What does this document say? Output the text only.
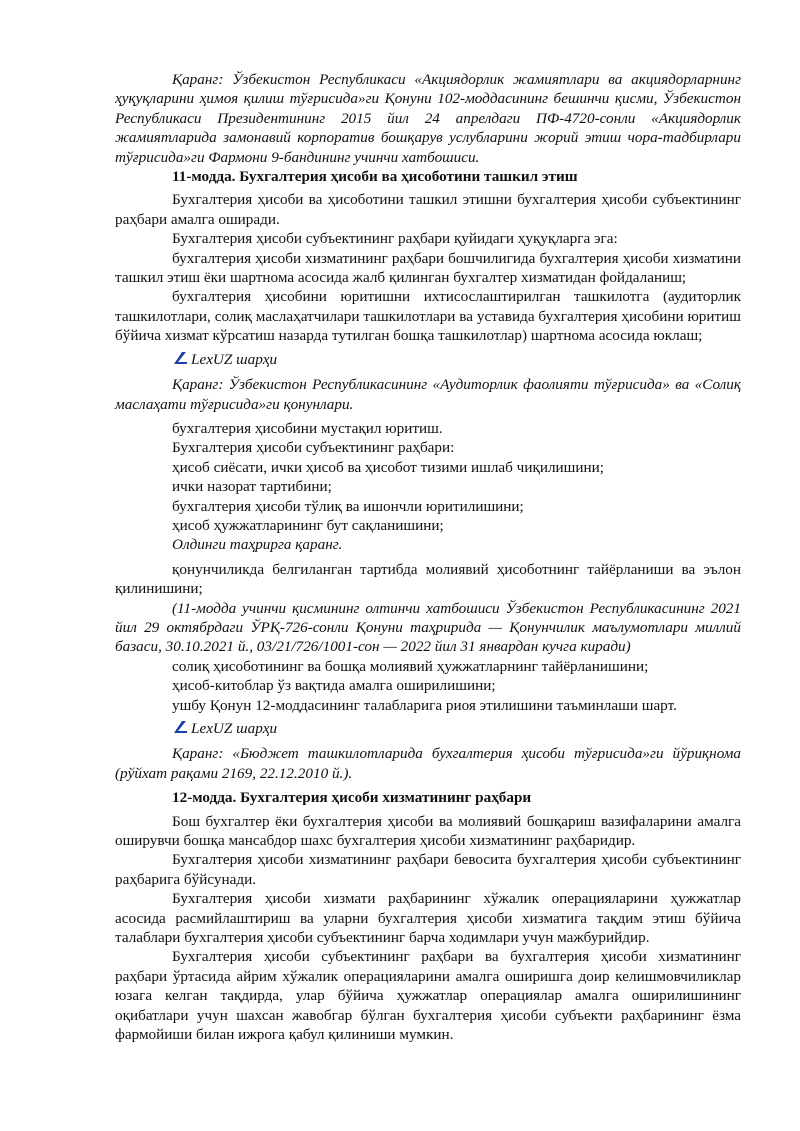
Қаранг: Ўзбекистон Республикаси «Акциядорлик жамиятлари ва акциядорларнинг ҳуқуқларини ҳимоя қилиш тўғрисида»ги Қонуни 102-моддасининг бешинчи қисми, Ўзбекистон Республикаси Президентининг 2015 йил 24 апрелдаги ПФ-4720-сонли «Акциядорлик жамиятларида замонавий корпоратив бошқарув услубларини жорий этиш чора-тадбирлари тўғрисида»ги Фармони 9-бандининг учинчи хатбошиси.

11-модда. Бухгалтерия ҳисоби ва ҳисоботини ташкил этиш

Бухгалтерия ҳисоби ва ҳисоботини ташкил этишни бухгалтерия ҳисоби субъектининг раҳбари амалга оширади.

Бухгалтерия ҳисоби субъектининг раҳбари қуйидаги ҳуқуқларга эга:

бухгалтерия ҳисоби хизматининг раҳбари бошчилигида бухгалтерия ҳисоби хизматини ташкил этиш ёки шартнома асосида жалб қилинган бухгалтер хизматидан фойдаланиш;

бухгалтерия ҳисобини юритишни ихтисослаштирилган ташкилотга (аудиторлик ташкилотлари, солиқ маслаҳатчилари ташкилотлари ва уставида бухгалтерия ҳисобини юритиш бўйича хизмат кўрсатиш назарда тутилган бошқа ташкилотлар) шартнома асосида юклаш;

LexUZ шарҳи

Қаранг: Ўзбекистон Республикасининг «Аудиторлик фаолияти тўғрисида» ва «Солиқ маслаҳати тўғрисида»ги қонунлари.

бухгалтерия ҳисобини мустақил юритиш.

Бухгалтерия ҳисоби субъектининг раҳбари:

ҳисоб сиёсати, ички ҳисоб ва ҳисобот тизими ишлаб чиқилишини;

ички назорат тартибини;

бухгалтерия ҳисоби тўлиқ ва ишончли юритилишини;

ҳисоб ҳужжатларининг бут сақланишини;

Олдинги таҳрирга қаранг.

қонунчиликда белгиланган тартибда молиявий ҳисоботнинг тайёрланиши ва эълон қилинишини;

(11-модда учинчи қисмининг олтинчи хатбошиси Ўзбекистон Республикасининг 2021 йил 29 октябрдаги ЎРҚ-726-сонли Қонуни таҳририда — Қонунчилик маълумотлари миллий базаси, 30.10.2021 й., 03/21/726/1001-сон — 2022 йил 31 январдан кучга киради)

солиқ ҳисоботининг ва бошқа молиявий ҳужжатларнинг тайёрланишини;

ҳисоб-китоблар ўз вақтида амалга оширилишини;

ушбу Қонун 12-моддасининг талабларига риоя этилишини таъминлаши шарт.

LexUZ шарҳи

Қаранг: «Бюджет ташкилотларида бухгалтерия ҳисоби тўғрисида»ги йўриқнома (рўйхат рақами 2169, 22.12.2010 й.).

12-модда. Бухгалтерия ҳисоби хизматининг раҳбари

Бош бухгалтер ёки бухгалтерия ҳисоби ва молиявий бошқариш вазифаларини амалга оширувчи бошқа мансабдор шахс бухгалтерия ҳисоби хизматининг раҳбаридир.

Бухгалтерия ҳисоби хизматининг раҳбари бевосита бухгалтерия ҳисоби субъектининг раҳбарига бўйсунади.

Бухгалтерия ҳисоби хизмати раҳбарининг хўжалик операцияларини ҳужжатлар асосида расмийлаштириш ва уларни бухгалтерия ҳисоби хизматига тақдим этиш бўйича талаблари бухгалтерия ҳисоби субъектининг барча ходимлари учун мажбурийдир.

Бухгалтерия ҳисоби субъектининг раҳбари ва бухгалтерия ҳисоби хизматининг раҳбари ўртасида айрим хўжалик операцияларини амалга оширишга доир келишмовчиликлар юзага келган тақдирда, улар бўйича ҳужжатлар операциялар амалга оширилишининг оқибатлари учун шахсан жавобгар бўлган бухгалтерия ҳисоби субъекти раҳбарининг ёзма фармойиши билан ижрога қабул қилиниши мумкин.
